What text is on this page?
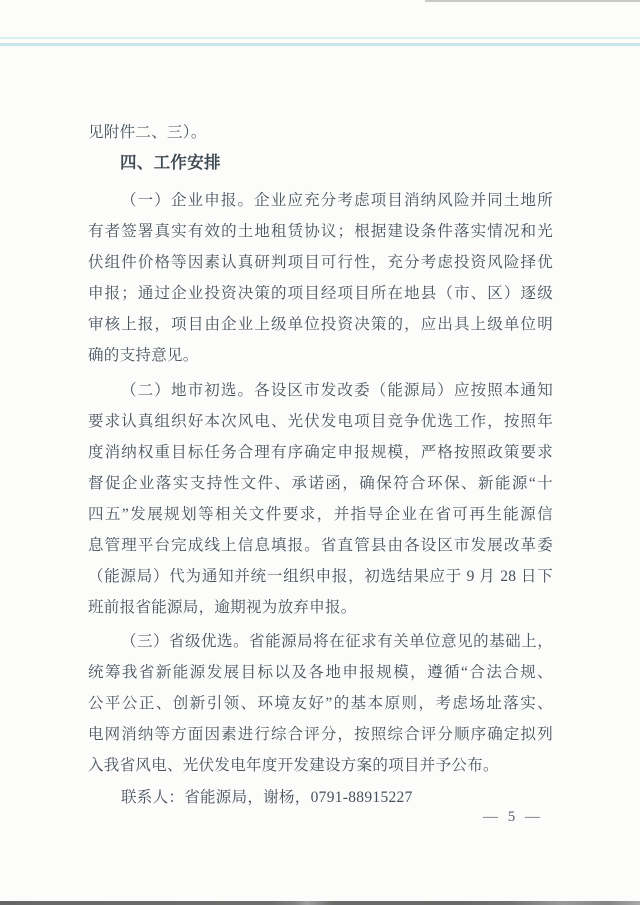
见附件二、三）。
四、工作安排
（一）企业申报。企业应充分考虑项目消纳风险并同土地所
有者签署真实有效的土地租赁协议；根据建设条件落实情况和光
伏组件价格等因素认真研判项目可行性，充分考虑投资风险择优
申报；通过企业投资决策的项目经项目所在地县（市、区）逐级
审核上报，项目由企业上级单位投资决策的，应出具上级单位明
确的支持意见。
（二）地市初选。各设区市发改委（能源局）应按照本通知
要求认真组织好本次风电、光伏发电项目竞争优选工作，按照年
度消纳权重目标任务合理有序确定申报规模，严格按照政策要求
督促企业落实支持性文件、承诺函，确保符合环保、新能源“十
四五”发展规划等相关文件要求，并指导企业在省可再生能源信
息管理平台完成线上信息填报。省直管县由各设区市发展改革委
（能源局）代为通知并统一组织申报，初选结果应于 9 月 28 日下
班前报省能源局，逾期视为放弃申报。
（三）省级优选。省能源局将在征求有关单位意见的基础上，
统筹我省新能源发展目标以及各地申报规模，遵循“合法合规、
公平公正、创新引领、环境友好”的基本原则，考虑场址落实、
电网消纳等方面因素进行综合评分，按照综合评分顺序确定拟列
入我省风电、光伏发电年度开发建设方案的项目并予公布。
联系人：省能源局，谢杨，0791-88915227
— 5 —
